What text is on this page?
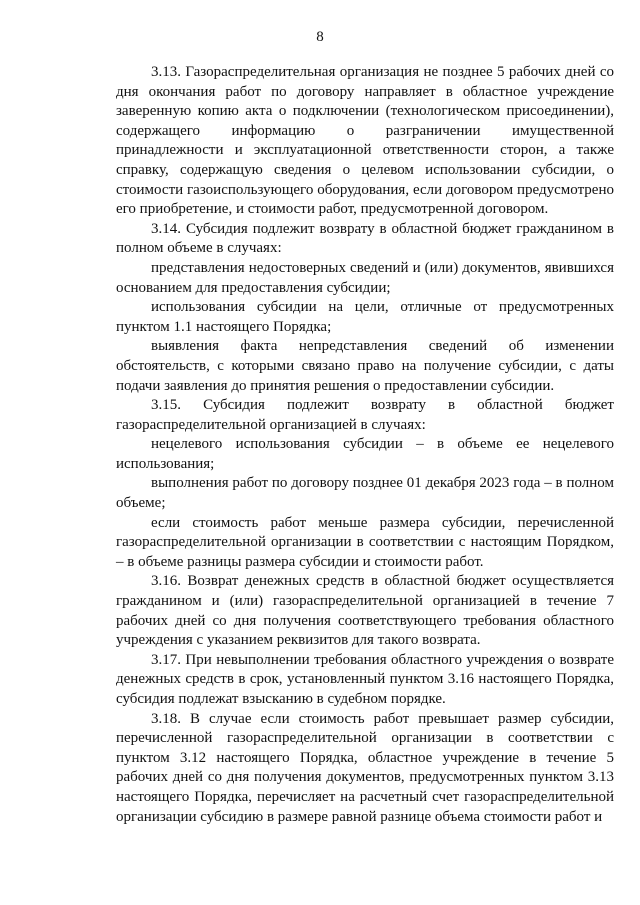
8

3.13. Газораспределительная организация не позднее 5 рабочих дней со дня окончания работ по договору направляет в областное учреждение заверенную копию акта о подключении (технологическом присоединении), содержащего информацию о разграничении имущественной принадлежности и эксплуатационной ответственности сторон, а также справку, содержащую сведения о целевом использовании субсидии, о стоимости газоиспользующего оборудования, если договором предусмотрено его приобретение, и стоимости работ, предусмотренной договором.

3.14. Субсидия подлежит возврату в областной бюджет гражданином в полном объеме в случаях:

представления недостоверных сведений и (или) документов, явившихся основанием для предоставления субсидии;

использования субсидии на цели, отличные от предусмотренных пунктом 1.1 настоящего Порядка;

выявления факта непредставления сведений об изменении обстоятельств, с которыми связано право на получение субсидии, с даты подачи заявления до принятия решения о предоставлении субсидии.

3.15. Субсидия подлежит возврату в областной бюджет газораспределительной организацией в случаях:

нецелевого использования субсидии – в объеме ее нецелевого использования;

выполнения работ по договору позднее 01 декабря 2023 года – в полном объеме;

если стоимость работ меньше размера субсидии, перечисленной газораспределительной организации в соответствии с настоящим Порядком, – в объеме разницы размера субсидии и стоимости работ.

3.16. Возврат денежных средств в областной бюджет осуществляется гражданином и (или) газораспределительной организацией в течение 7 рабочих дней со дня получения соответствующего требования областного учреждения с указанием реквизитов для такого возврата.

3.17. При невыполнении требования областного учреждения о возврате денежных средств в срок, установленный пунктом 3.16 настоящего Порядка, субсидия подлежат взысканию в судебном порядке.

3.18. В случае если стоимость работ превышает размер субсидии, перечисленной газораспределительной организации в соответствии с пунктом 3.12 настоящего Порядка, областное учреждение в течение 5 рабочих дней со дня получения документов, предусмотренных пунктом 3.13 настоящего Порядка, перечисляет на расчетный счет газораспределительной организации субсидию в размере равной разнице объема стоимости работ и
